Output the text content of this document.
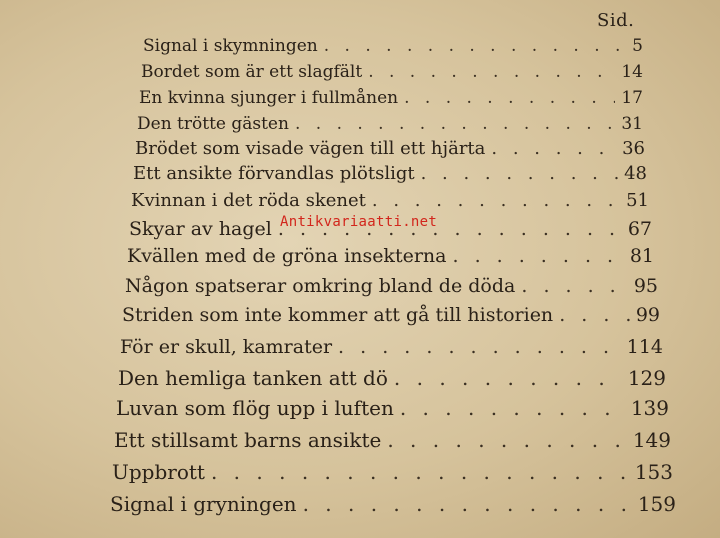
Sid.
Signal i skymningen . . .	5
Bordet som är ett slagfält . . .	14
En kvinna sjunger i fullmånen . . .	17
Den trötte gästen . . .	31
Brödet som visade vägen till ett hjärta . . .	36
Ett ansikte förvandlas plötsligt . . .	48
Kvinnan i det röda skenet . . .	51
Skyar av hagel . . .	67
Kvällen med de gröna insekterna . . .	81
Någon spatserar omkring bland de döda . . .	95
Striden som inte kommer att gå till historien . . .	99
För er skull, kamrater . . .	114
Den hemliga tanken att dö . . .	129
Luvan som flög upp i luften . . .	139
Ett stillsamt barns ansikte . . .	149
Uppbrott . . .	153
Signal i gryningen . . .	159
Antikvariaatti.net
